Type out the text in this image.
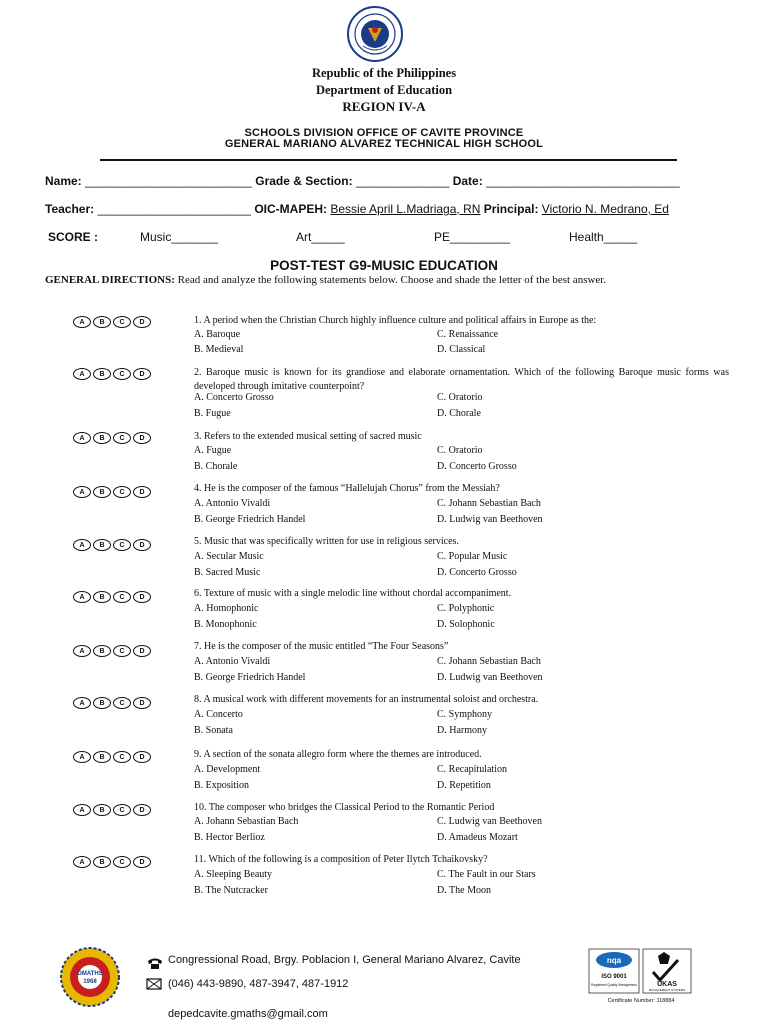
Republic of the Philippines
Department of Education
REGION IV-A
SCHOOLS DIVISION OFFICE OF CAVITE PROVINCE
GENERAL MARIANO ALVAREZ TECHNICAL HIGH SCHOOL
Name: _________________________ Grade & Section: ______________ Date: _____________________________
Teacher: _______________________ OIC-MAPEH: Bessie April L.Madriaga, RN Principal: Victorio N. Medrano, Ed
SCORE :	Music_______	Art_____	PE_________	Health_____
POST-TEST G9-MUSIC EDUCATION
GENERAL DIRECTIONS: Read and analyze the following statements below. Choose and shade the letter of the best answer.
A	B	C	D	1. A period when the Christian Church highly influence culture and political affairs in Europe as the:
A. Baroque	C. Renaissance
B. Medieval	D. Classical
A	B	C	D	2. Baroque music is known for its grandiose and elaborate ornamentation. Which of the following Baroque music forms was developed through imitative counterpoint?
A. Concerto Grosso	C. Oratorio
B. Fugue	D. Chorale
A	B	C	D	3. Refers to the extended musical setting of sacred music
A. Fugue	C. Oratorio
B. Chorale	D. Concerto Grosso
A	B	C	D	4. He is the composer of the famous “Hallelujah Chorus” from the Messiah?
A. Antonio Vivaldi	C. Johann Sebastian Bach
B. George Friedrich Handel	D. Ludwig van Beethoven
A	B	C	D	5. Music that was specifically written for use in religious services.
A. Secular Music	C. Popular Music
B. Sacred Music	D. Concerto Grosso
A	B	C	D	6. Texture of music with a single melodic line without chordal accompaniment.
A. Homophonic	C. Polyphonic
B. Monophonic	D. Solophonic
A	B	C	D	7. He is the composer of the music entitled “The Four Seasons”
A. Antonio Vivaldi	C. Johann Sebastian Bach
B. George Friedrich Handel	D. Ludwig van Beethoven
A	B	C	D	8. A musical work with different movements for an instrumental soloist and orchestra.
A. Concerto	C. Symphony
B. Sonata	D. Harmony
A	B	C	D	9. A section of the sonata allegro form where the themes are introduced.
A. Development	C. Recapitulation
B. Exposition	D. Repetition
A	B	C	D	10. The composer who bridges the Classical Period to the Romantic Period
A. Johann Sebastian Bach	C. Ludwig van Beethoven
B. Hector Berlioz	D. Amadeus Mozart
A	B	C	D	11. Which of the following is a composition of Peter Ilytch Tchaikovsky?
A. Sleeping Beauty	C. The Fault in our Stars
B. The Nutcracker	D. The Moon
GMATHS
1968
Congressional Road, Brgy. Poblacion I, General Mariano Alvarez, Cavite
(046) 443-9890, 487-3947, 487-1912
depedcavite.gmaths@gmail.com
nqa
ISO 9001
Registered Quality Management	UKAS
MANAGEMENT SYSTEMS
Certificate Number: 118884
